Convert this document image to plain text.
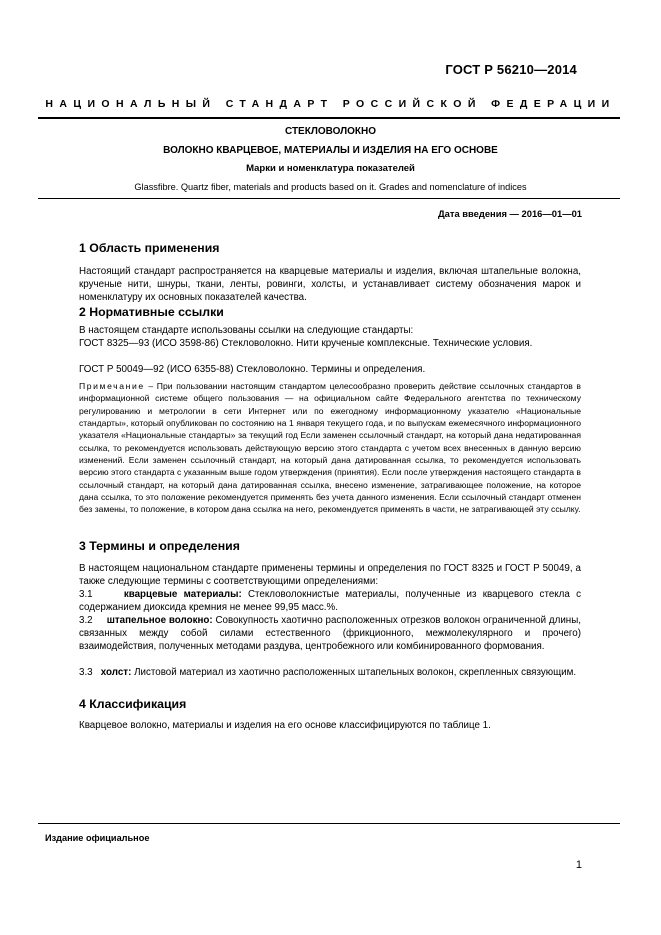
ГОСТ Р 56210—2014
НАЦИОНАЛЬНЫЙ СТАНДАРТ РОССИЙСКОЙ ФЕДЕРАЦИИ
СТЕКЛОВОЛОКНО
ВОЛОКНО КВАРЦЕВОЕ, МАТЕРИАЛЫ И ИЗДЕЛИЯ НА ЕГО ОСНОВЕ
Марки и номенклатура показателей
Glassfibre. Quartz fiber, materials and products based on it. Grades and nomenclature of indices
Дата введения — 2016—01—01
1 Область применения

Настоящий стандарт распространяется на кварцевые материалы и изделия, включая штапельные волокна, крученые нити, шнуры, ткани, ленты, ровинги, холсты, и устанавливает систему обозначения марок и номенклатуру их основных показателей качества.

2 Нормативные ссылки

В настоящем стандарте использованы ссылки на следующие стандарты:

ГОСТ 8325—93 (ИСО 3598-86) Стекловолокно. Нити крученые комплексные. Технические условия.

ГОСТ Р 50049—92 (ИСО 6355-88) Стекловолокно. Термины и определения.

Примечание – При пользовании настоящим стандартом целесообразно проверить действие ссылочных стандартов в информационной системе общего пользования — на официальном сайте Федерального агентства по техническому регулированию и метрологии в сети Интернет или по ежегодному информационному указателю «Национальные стандарты», который опубликован по состоянию на 1 января текущего года, и по выпускам ежемесячного информационного указателя «Национальные стандарты» за текущий год Если заменен ссылочный стандарт, на который дана недатированная ссылка, то рекомендуется использовать действующую версию этого стандарта с учетом всех внесенных в данную версию изменений. Если заменен ссылочный стандарт, на который дана датированная ссылка, то рекомендуется использовать версию этого стандарта с указанным выше годом утверждения (принятия). Если после утверждения настоящего стандарта в ссылочный стандарт, на который дана датированная ссылка, внесено изменение, затрагивающее положение, на которое дана ссылка, то это положение рекомендуется применять без учета данного изменения. Если ссылочный стандарт отменен без замены, то положение, в котором дана ссылка на него, рекомендуется применять в части, не затрагивающей эту ссылку.

3 Термины и определения

В настоящем национальном стандарте применены термины и определения по ГОСТ 8325 и ГОСТ Р 50049, а также следующие термины с соответствующими определениями:

3.1	кварцевые материалы: Стекловолокнистые материалы, полученные из кварцевого стекла с содержанием диоксида кремния не менее 99,95 масс.%.

3.2 штапельное волокно: Совокупность хаотично расположенных отрезков волокон ограниченной длины, связанных между собой силами естественного (фрикционного, межмолекулярного и прочего) взаимодействия, полученных методами раздува, центробежного или комбинированного формования.

3.3 холст: Листовой материал из хаотично расположенных штапельных волокон, скрепленных связующим.

4 Классификация

Кварцевое волокно, материалы и изделия на его основе классифицируются по таблице 1.

Издание официальное
1
